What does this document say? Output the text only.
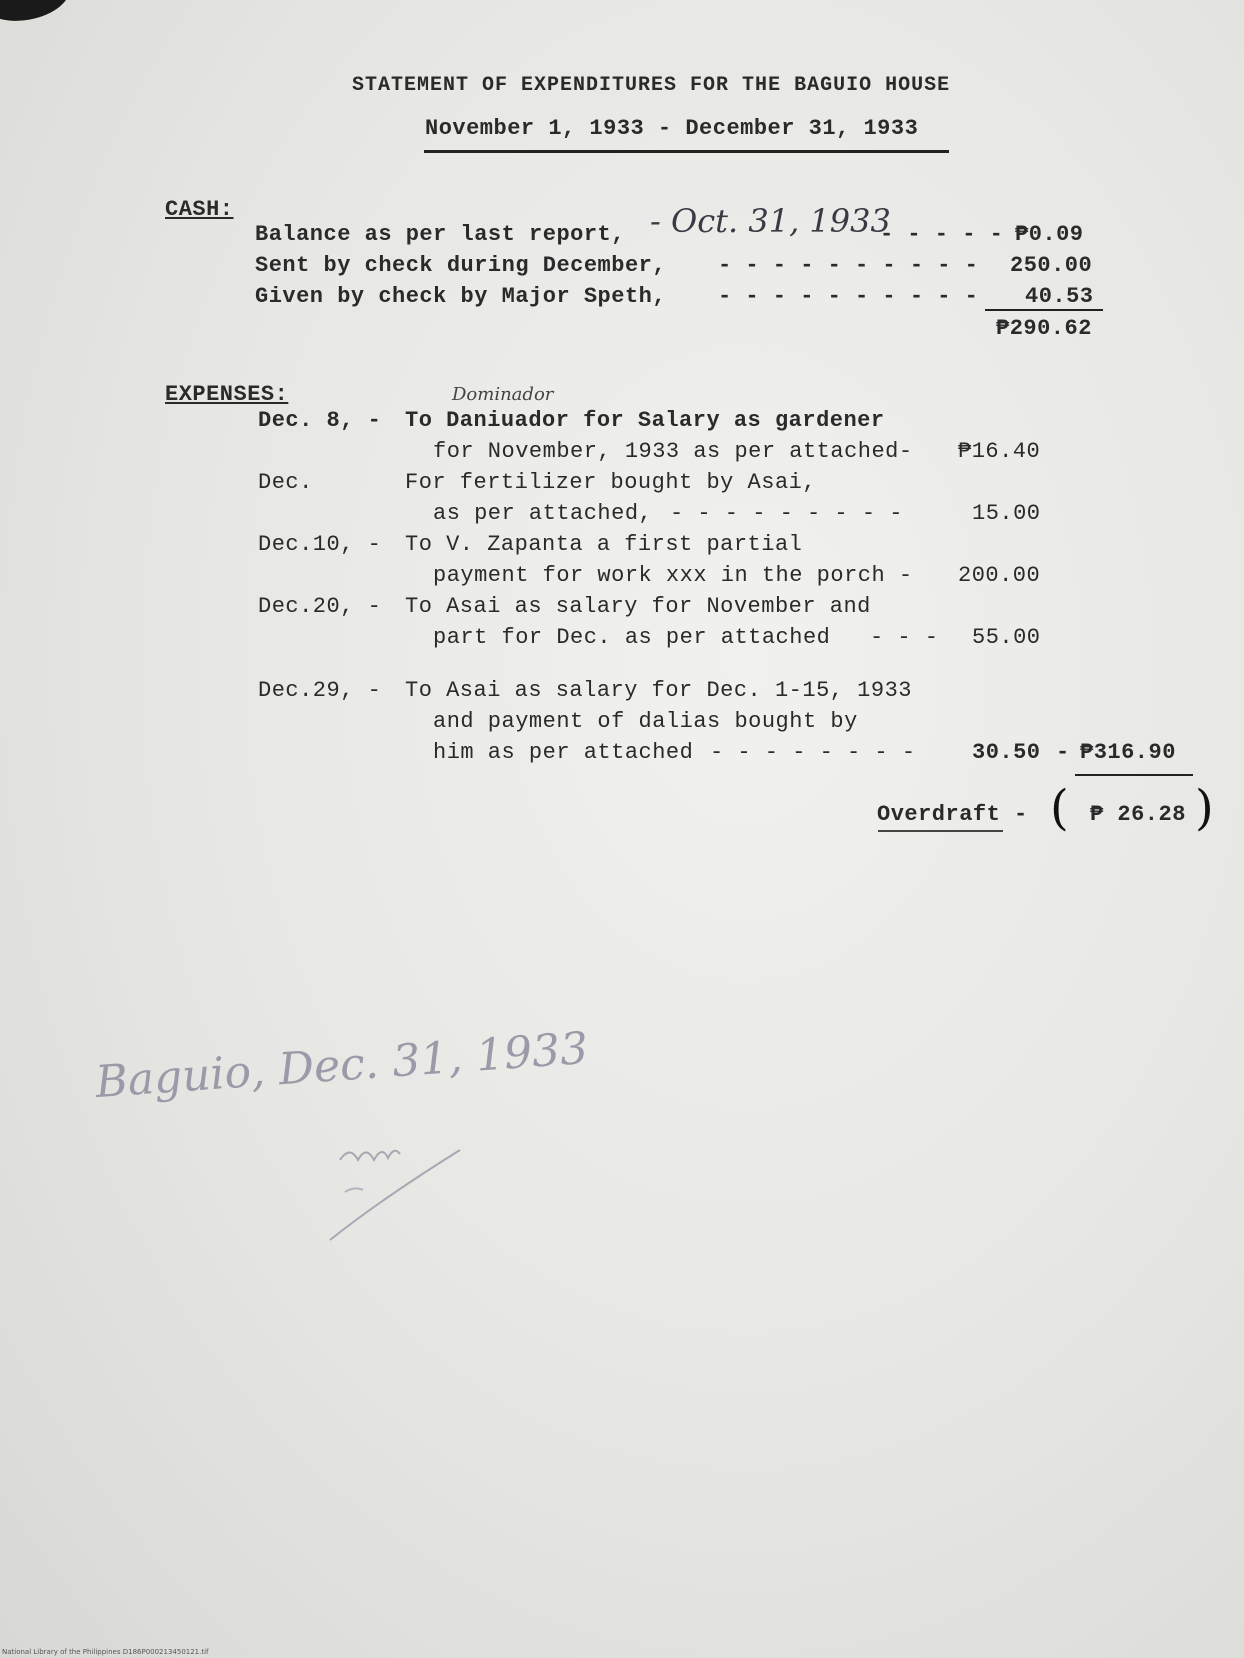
STATEMENT OF EXPENDITURES FOR THE BAGUIO HOUSE
November 1, 1933 - December 31, 1933
CASH:
Balance as per last report, - Oct. 31, 1933
- - - - - ₱0.09
Sent by check during December, - - - - - - - - - - 250.00
Given by check by Major Speth, - - - - - - - - - - 40.53
₱290.62
EXPENSES:	Dominador
Dec. 8, - To Daniuador for Salary as gardener
for November, 1933 as per attached- ₱16.40
Dec.	For fertilizer bought by Asai,
as per attached, - - - - - - - - -	15.00
Dec.10, - To V. Zapanta a first partial
payment for work xxx in the porch - 200.00
Dec.20, - To Asai as salary for November and
part for Dec. as per attached - - - 55.00
Dec.29, - To Asai as salary for Dec. 1-15, 1933
and payment of dalias bought by
him as per attached - - - - - - - -	30.50 - ₱316.90
Overdraft - ( ₱ 26.28 )
Baguio, Dec. 31, 1933
National Library of the Philippines D186P000213450121.tif
